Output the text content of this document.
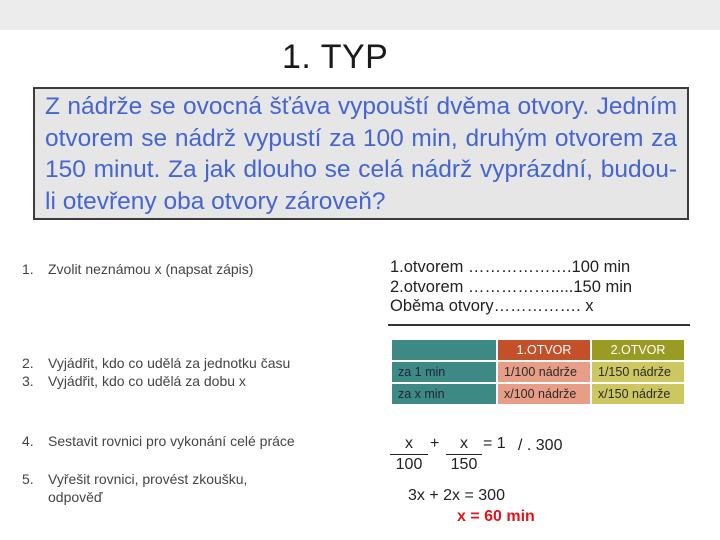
1. TYP
Z nádrže se ovocná šťáva vypouští dvěma otvory. Jedním otvorem se nádrž vypustí za 100 min, druhým otvorem za 150 minut. Za jak dlouho se celá nádrž vyprázdní, budou-li otevřeny oba otvory zároveň?
1. Zvolit neznámou x (napsat zápis)
2. Vyjádřit, kdo co udělá za jednotku času
3. Vyjádřit, kdo co udělá za dobu x
4. Sestavit rovnici pro vykonání celé práce
5. Vyřešit rovnici, provést zkoušku,
odpověď
1.otvorem ……………….100 min
2.otvorem …………….....150 min
Oběma otvory……………. x
	1.OTVOR	2.OTVOR
za 1 min	1/100 nádrže	1/150 nádrže
za x min	x/100 nádrže	x/150 nádrže
$\frac{x}{100} + \frac{x}{150} = 1$ / . 300
3x + 2x = 300
x = 60 min
